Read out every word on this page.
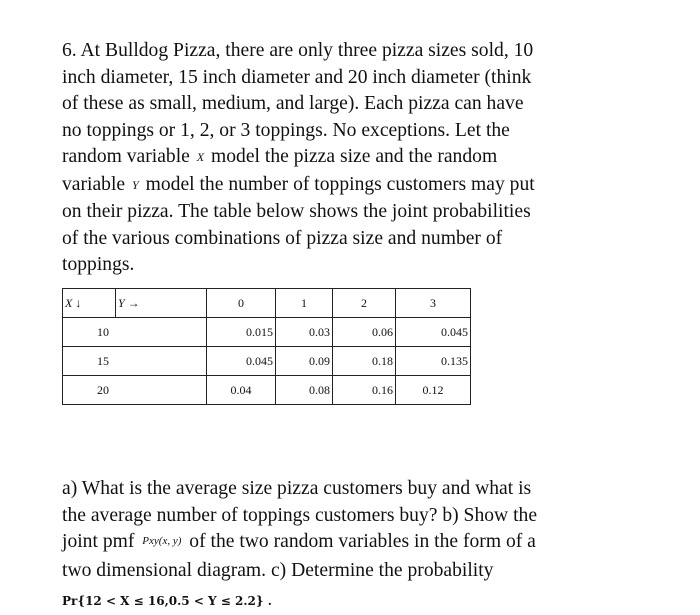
6. At Bulldog Pizza, there are only three pizza sizes sold, 10
inch diameter, 15 inch diameter and 20 inch diameter (think
of these as small, medium, and large). Each pizza can have
no toppings or 1, 2, or 3 toppings. No exceptions. Let the
random variable X model the pizza size and the random
variable Y model the number of toppings customers may put
on their pizza. The table below shows the joint probabilities
of the various combinations of pizza size and number of
toppings.
X ↓	Y →	0	1	2	3
10		0.015	0.03	0.06	0.045
15		0.045	0.09	0.18	0.135
20		0.04	0.08	0.16	0.12
a) What is the average size pizza customers buy and what is
the average number of toppings customers buy? b) Show the
joint pmf Pxy(x, y) of the two random variables in the form of a
two dimensional diagram. c) Determine the probability
Pr{12 < X ≤ 16,0.5 < Y ≤ 2.2} .
